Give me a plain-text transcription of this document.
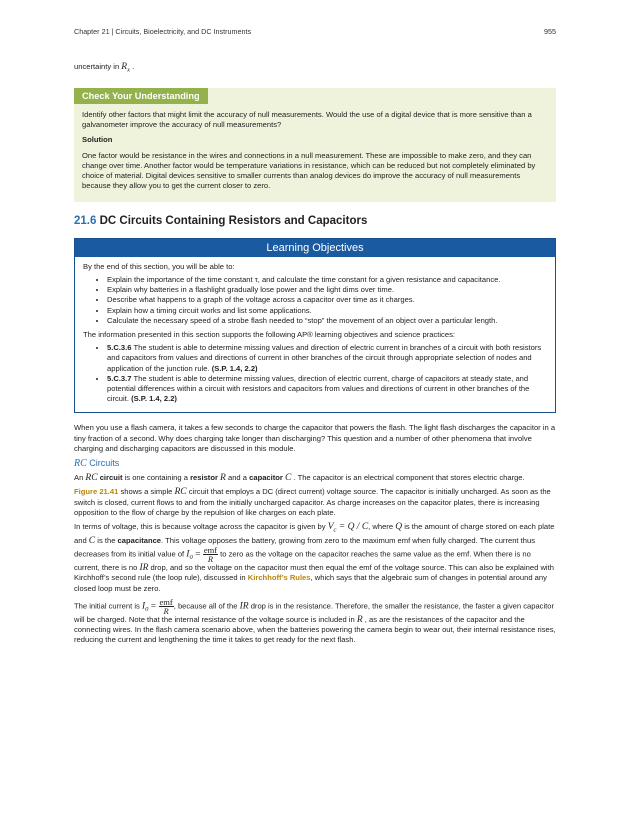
Chapter 21 | Circuits, Bioelectricity, and DC Instruments	955

uncertainty in $R_x$ .

Check Your Understanding

Identify other factors that might limit the accuracy of null measurements. Would the use of a digital device that is more sensitive than a galvanometer improve the accuracy of null measurements?

Solution

One factor would be resistance in the wires and connections in a null measurement. These are impossible to make zero, and they can change over time. Another factor would be temperature variations in resistance, which can be reduced but not completely eliminated by choice of material. Digital devices sensitive to smaller currents than analog devices do improve the accuracy of null measurements because they allow you to get the current closer to zero.

21.6 DC Circuits Containing Resistors and Capacitors
Learning Objectives

By the end of this section, you will be able to:

• Explain the importance of the time constant τ, and calculate the time constant for a given resistance and capacitance.
• Explain why batteries in a flashlight gradually lose power and the light dims over time.
• Describe what happens to a graph of the voltage across a capacitor over time as it charges.
• Explain how a timing circuit works and list some applications.
• Calculate the necessary speed of a strobe flash needed to “stop” the movement of an object over a particular length.

The information presented in this section supports the following AP® learning objectives and science practices:

• 5.C.3.6 The student is able to determine missing values and direction of electric current in branches of a circuit with both resistors and capacitors from values and directions of current in other branches of the circuit through appropriate selection of nodes and application of the junction rule. (S.P. 1.4, 2.2)
• 5.C.3.7 The student is able to determine missing values, direction of electric current, charge of capacitors at steady state, and potential differences within a circuit with resistors and capacitors from values and directions of current in other branches of the circuit. (S.P. 1.4, 2.2)

When you use a flash camera, it takes a few seconds to charge the capacitor that powers the flash. The light flash discharges the capacitor in a tiny fraction of a second. Why does charging take longer than discharging? This question and a number of other phenomena that involve charging and discharging capacitors are discussed in this module.

RC Circuits

An RC circuit is one containing a resistor R and a capacitor C . The capacitor is an electrical component that stores electric charge.

Figure 21.41 shows a simple RC circuit that employs a DC (direct current) voltage source. The capacitor is initially uncharged. As soon as the switch is closed, current flows to and from the initially uncharged capacitor. As charge increases on the capacitor plates, there is increasing opposition to the flow of charge by the repulsion of like charges on each plate.

In terms of voltage, this is because voltage across the capacitor is given by $V_c = Q / C$, where Q is the amount of charge stored on each plate and C is the capacitance. This voltage opposes the battery, growing from zero to the maximum emf when fully charged. The current thus decreases from its initial value of $I_0 = \frac{\text{emf}}{R}$ to zero as the voltage on the capacitor reaches the same value as the emf. When there is no current, there is no IR drop, and so the voltage on the capacitor must then equal the emf of the voltage source. This can also be explained with Kirchhoff’s second rule (the loop rule), discussed in Kirchhoff’s Rules, which says that the algebraic sum of changes in potential around any closed loop must be zero.

The initial current is $I_0 = \frac{\text{emf}}{R}$ , because all of the IR drop is in the resistance. Therefore, the smaller the resistance, the faster a given capacitor will be charged. Note that the internal resistance of the voltage source is included in R , as are the resistances of the capacitor and the connecting wires. In the flash camera scenario above, when the batteries powering the camera begin to wear out, their internal resistance rises, reducing the current and lengthening the time it takes to get ready for the next flash.
